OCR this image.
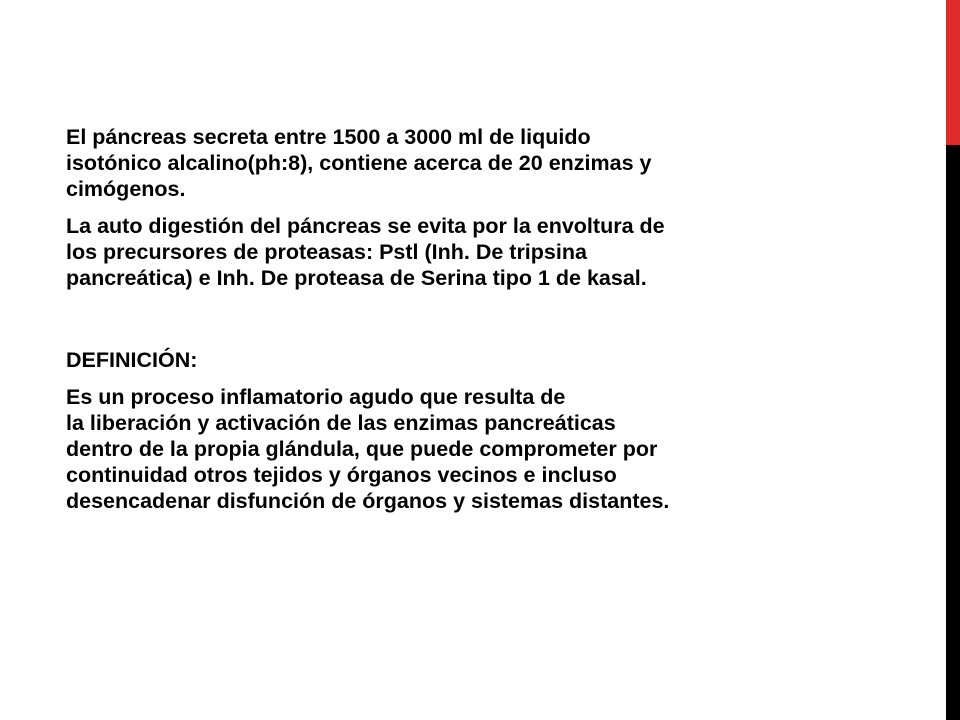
El páncreas secreta entre 1500 a 3000 ml de liquido
isotónico alcalino(ph:8), contiene acerca de 20 enzimas y
cimógenos.

La auto digestión del páncreas se evita por la envoltura de
los precursores de proteasas: Pstl (Inh. De tripsina
pancreática) e Inh. De proteasa de Serina tipo 1 de kasal.

DEFINICIÓN:

Es un proceso inflamatorio agudo que resulta de
la liberación y activación de las enzimas pancreáticas
dentro de la propia glándula, que puede comprometer por
continuidad otros tejidos y órganos vecinos e incluso
desencadenar disfunción de órganos y sistemas distantes.
